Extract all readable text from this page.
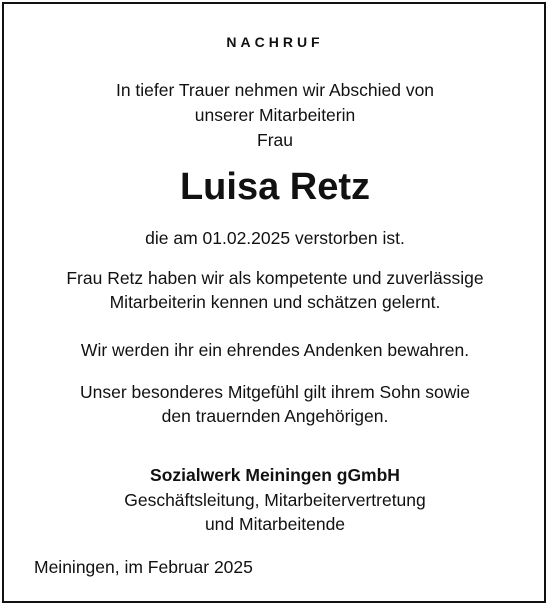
NACHRUF
In tiefer Trauer nehmen wir Abschied von
unserer Mitarbeiterin
Frau
Luisa Retz
die am 01.02.2025 verstorben ist.
Frau Retz haben wir als kompetente und zuverlässige
Mitarbeiterin kennen und schätzen gelernt.
Wir werden ihr ein ehrendes Andenken bewahren.
Unser besonderes Mitgefühl gilt ihrem Sohn sowie
den trauernden Angehörigen.
Sozialwerk Meiningen gGmbH
Geschäftsleitung, Mitarbeitervertretung
und Mitarbeitende
Meiningen, im Februar 2025
